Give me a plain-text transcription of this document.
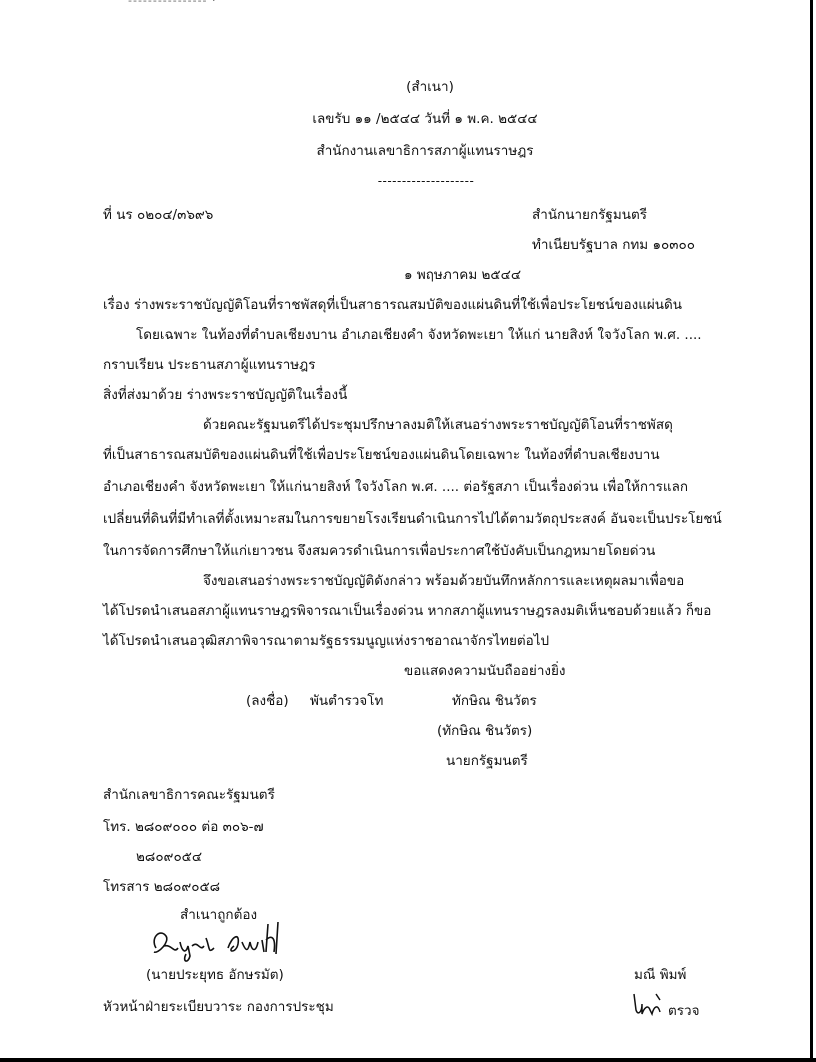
---------------- ·
(สำเนา)
เลขรับ ๑๑ /๒๕๔๔ วันที่ ๑ พ.ค. ๒๕๔๔
สำนักงานเลขาธิการสภาผู้แทนราษฎร
--------------------
ที่ นร ๐๒๐๔/๓๖๙๖	สำนักนายกรัฐมนตรี
ทำเนียบรัฐบาล กทม ๑๐๓๐๐
๑ พฤษภาคม ๒๕๔๔
เรื่อง ร่างพระราชบัญญัติโอนที่ราชพัสดุที่เป็นสาธารณสมบัติของแผ่นดินที่ใช้เพื่อประโยชน์ของแผ่นดิน
โดยเฉพาะ ในท้องที่ตำบลเชียงบาน อำเภอเชียงคำ จังหวัดพะเยา ให้แก่ นายสิงห์ ใจวังโลก พ.ศ. ....
กราบเรียน ประธานสภาผู้แทนราษฎร
สิ่งที่ส่งมาด้วย ร่างพระราชบัญญัติในเรื่องนี้
ด้วยคณะรัฐมนตรีได้ประชุมปรึกษาลงมติให้เสนอร่างพระราชบัญญัติโอนที่ราชพัสดุ
ที่เป็นสาธารณสมบัติของแผ่นดินที่ใช้เพื่อประโยชน์ของแผ่นดินโดยเฉพาะ ในท้องที่ตำบลเชียงบาน
อำเภอเชียงคำ จังหวัดพะเยา ให้แก่นายสิงห์ ใจวังโลก พ.ศ. .... ต่อรัฐสภา เป็นเรื่องด่วน เพื่อให้การแลก
เปลี่ยนที่ดินที่มีทำเลที่ตั้งเหมาะสมในการขยายโรงเรียนดำเนินการไปได้ตามวัตถุประสงค์ อันจะเป็นประโยชน์
ในการจัดการศึกษาให้แก่เยาวชน จึงสมควรดำเนินการเพื่อประกาศใช้บังคับเป็นกฎหมายโดยด่วน
จึงขอเสนอร่างพระราชบัญญัติดังกล่าว พร้อมด้วยบันทึกหลักการและเหตุผลมาเพื่อขอ
ได้โปรดนำเสนอสภาผู้แทนราษฎรพิจารณาเป็นเรื่องด่วน หากสภาผู้แทนราษฎรลงมติเห็นชอบด้วยแล้ว ก็ขอ
ได้โปรดนำเสนอวุฒิสภาพิจารณาตามรัฐธรรมนูญแห่งราชอาณาจักรไทยต่อไป
ขอแสดงความนับถืออย่างยิ่ง
(ลงชื่อ) พันตำรวจโท	ทักษิณ ชินวัตร
(ทักษิณ ชินวัตร)
นายกรัฐมนตรี
สำนักเลขาธิการคณะรัฐมนตรี
โทร. ๒๘๐๙๐๐๐ ต่อ ๓๐๖-๗
๒๘๐๙๐๕๔
โทรสาร ๒๘๐๙๐๕๘
สำเนาถูกต้อง
(นายประยุทธ อักษรมัต)
หัวหน้าฝ่ายระเบียบวาระ กองการประชุม
มณี พิมพ์
ตรวจ
